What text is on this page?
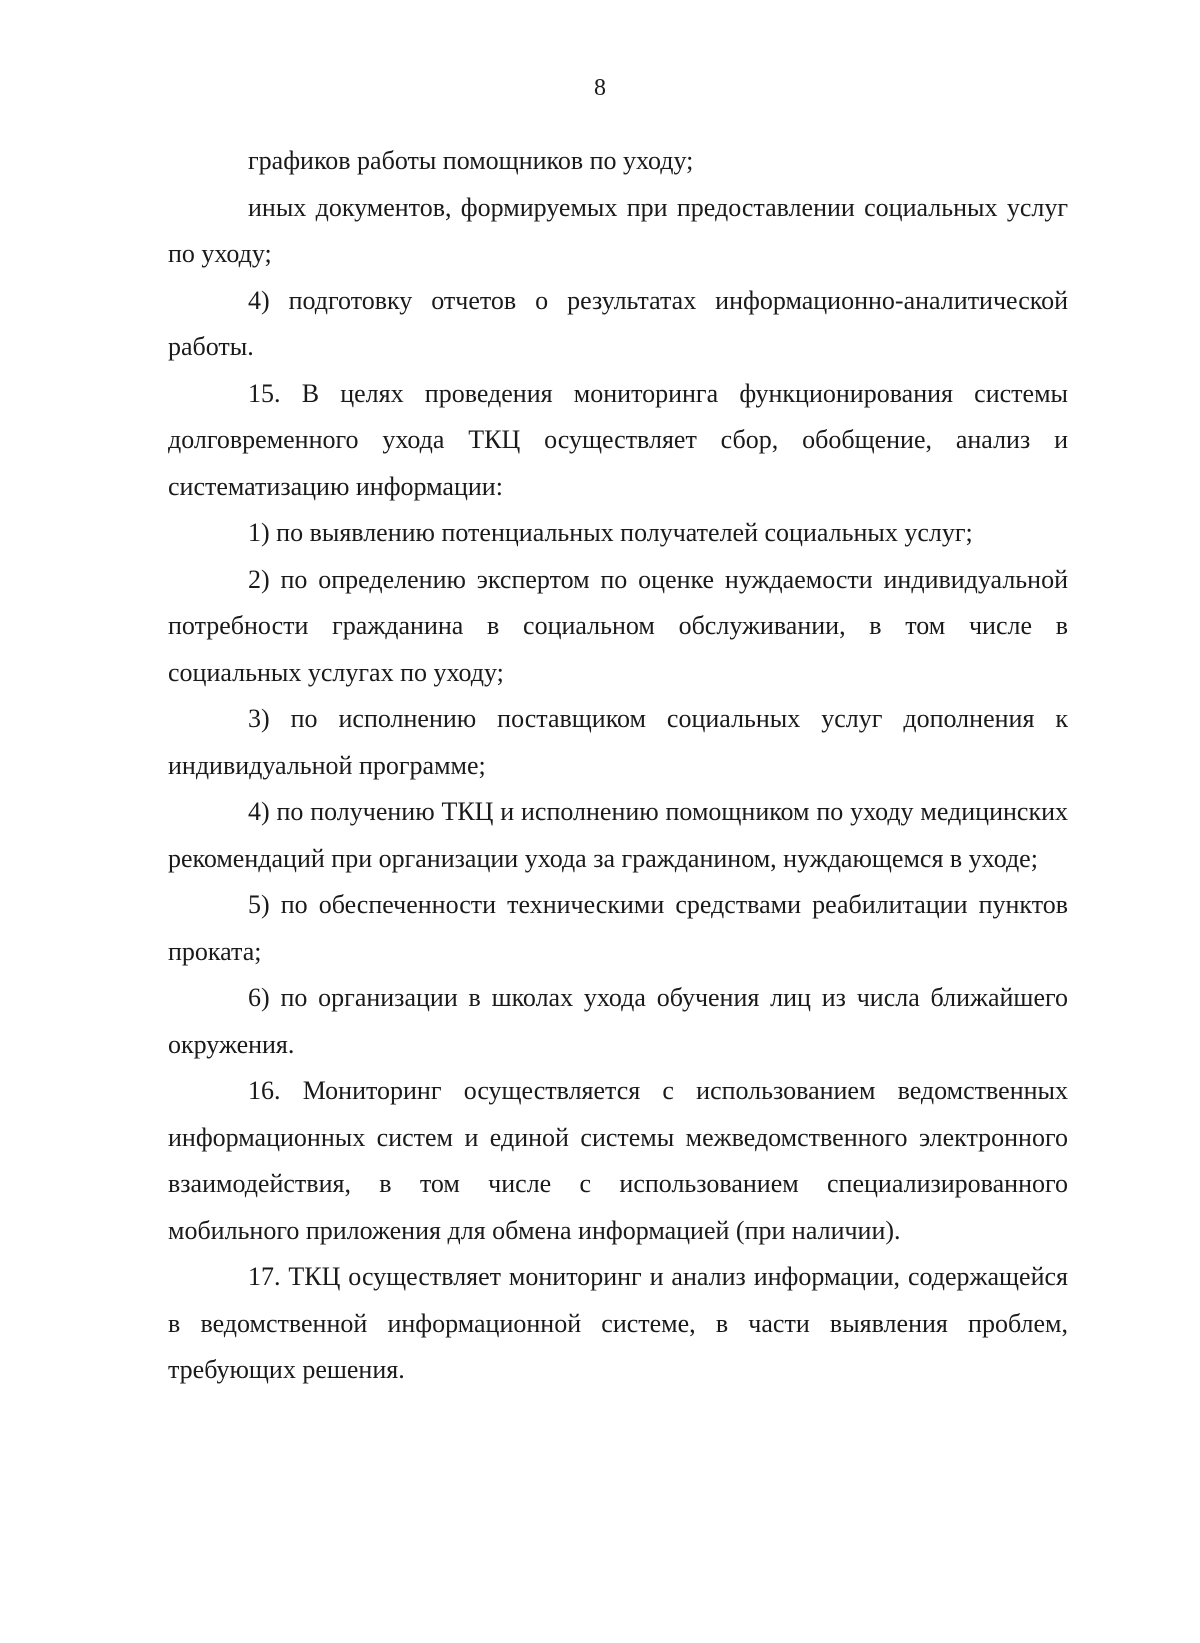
8

графиков работы помощников по уходу;

иных документов, формируемых при предоставлении социальных услуг по уходу;

4) подготовку отчетов о результатах информационно-аналитической работы.

15. В целях проведения мониторинга функционирования системы долговременного ухода ТКЦ осуществляет сбор, обобщение, анализ и систематизацию информации:

1) по выявлению потенциальных получателей социальных услуг;

2) по определению экспертом по оценке нуждаемости индивидуальной потребности гражданина в социальном обслуживании, в том числе в социальных услугах по уходу;

3) по исполнению поставщиком социальных услуг дополнения к индивидуальной программе;

4) по получению ТКЦ и исполнению помощником по уходу медицинских рекомендаций при организации ухода за гражданином, нуждающемся в уходе;

5) по обеспеченности техническими средствами реабилитации пунктов проката;

6) по организации в школах ухода обучения лиц из числа ближайшего окружения.

16. Мониторинг осуществляется с использованием ведомственных информационных систем и единой системы межведомственного электронного взаимодействия, в том числе с использованием специализированного мобильного приложения для обмена информацией (при наличии).

17. ТКЦ осуществляет мониторинг и анализ информации, содержащейся в ведомственной информационной системе, в части выявления проблем, требующих решения.
